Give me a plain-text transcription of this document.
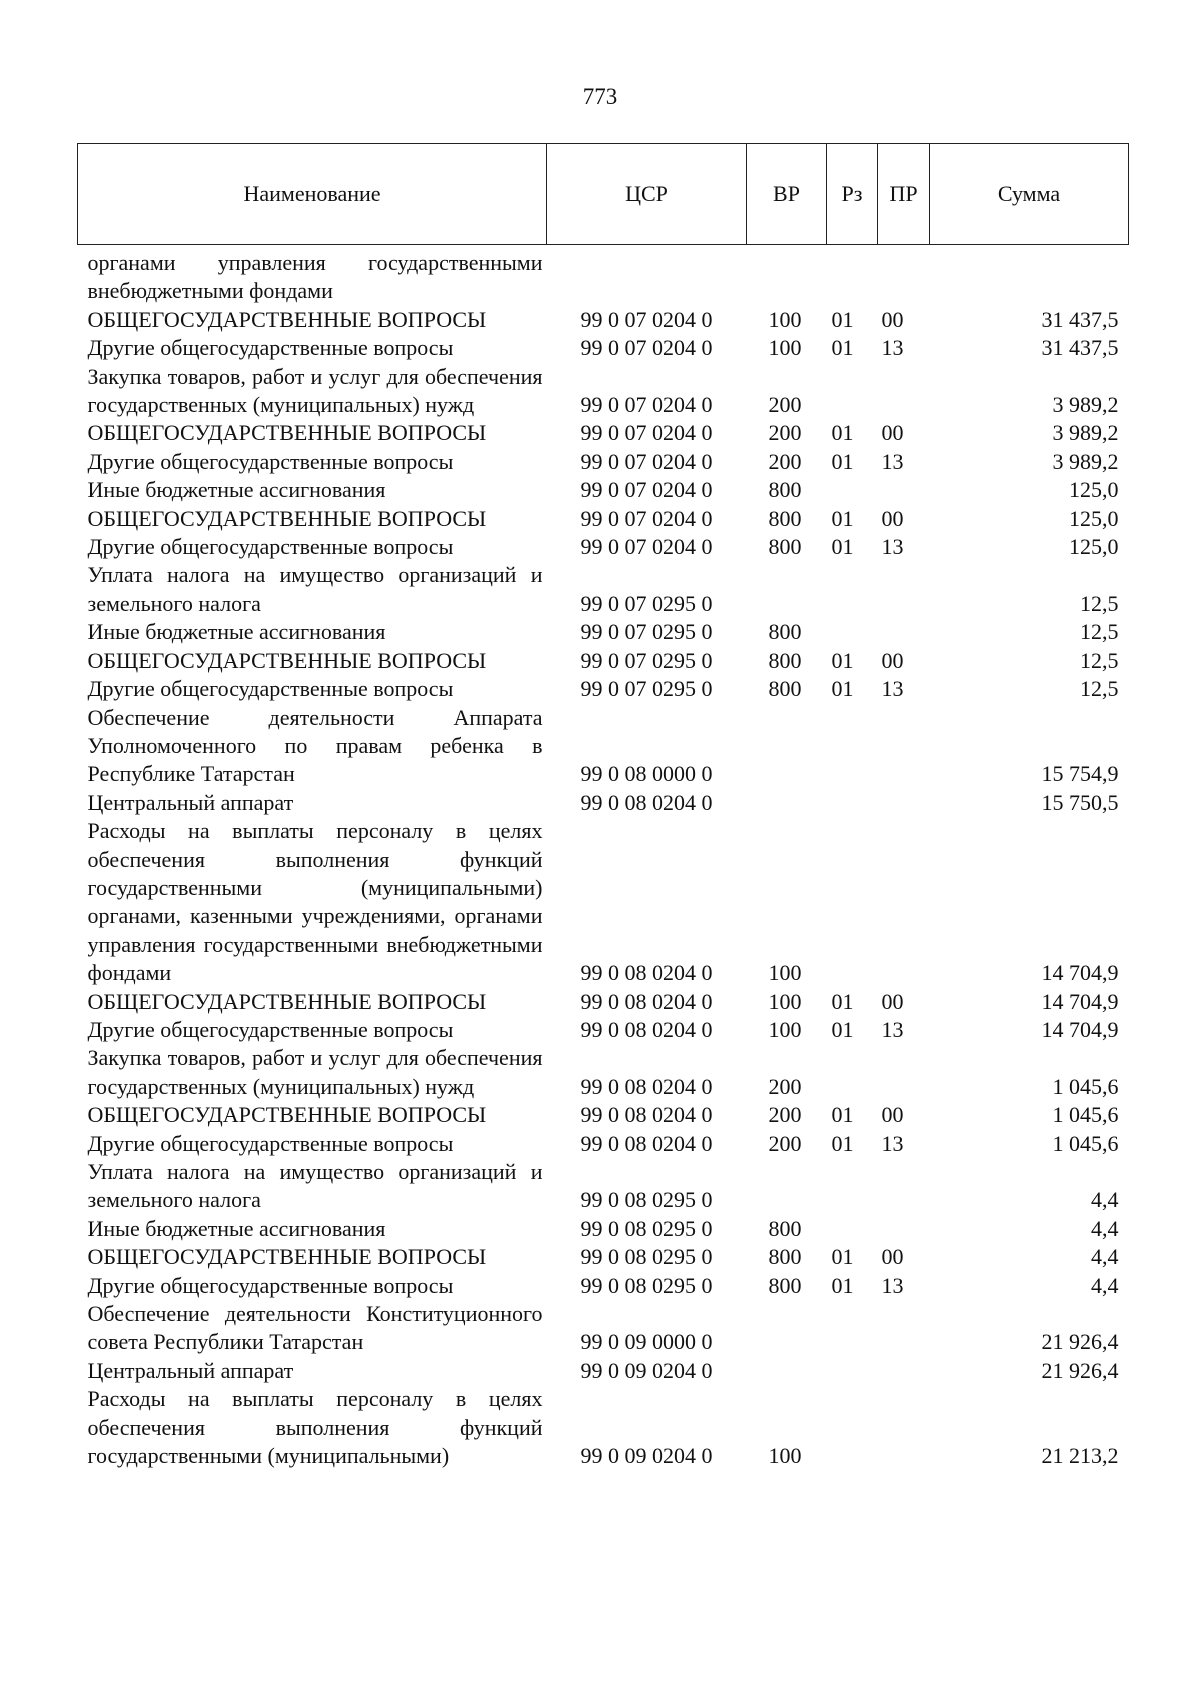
773
Наименование	ЦСР	ВР	Рз	ПР	Сумма
органами управления государственными внебюджетными фондами					
ОБЩЕГОСУДАРСТВЕННЫЕ ВОПРОСЫ	99 0 07 0204 0	100	01	00	31 437,5
Другие общегосударственные вопросы	99 0 07 0204 0	100	01	13	31 437,5
Закупка товаров, работ и услуг для обеспечения государственных (муниципальных) нужд	99 0 07 0204 0	200			3 989,2
ОБЩЕГОСУДАРСТВЕННЫЕ ВОПРОСЫ	99 0 07 0204 0	200	01	00	3 989,2
Другие общегосударственные вопросы	99 0 07 0204 0	200	01	13	3 989,2
Иные бюджетные ассигнования	99 0 07 0204 0	800			125,0
ОБЩЕГОСУДАРСТВЕННЫЕ ВОПРОСЫ	99 0 07 0204 0	800	01	00	125,0
Другие общегосударственные вопросы	99 0 07 0204 0	800	01	13	125,0
Уплата налога на имущество организаций и земельного налога	99 0 07 0295 0				12,5
Иные бюджетные ассигнования	99 0 07 0295 0	800			12,5
ОБЩЕГОСУДАРСТВЕННЫЕ ВОПРОСЫ	99 0 07 0295 0	800	01	00	12,5
Другие общегосударственные вопросы	99 0 07 0295 0	800	01	13	12,5
Обеспечение деятельности Аппарата Уполномоченного по правам ребенка в Республике Татарстан	99 0 08 0000 0				15 754,9
Центральный аппарат	99 0 08 0204 0				15 750,5
Расходы на выплаты персоналу в целях обеспечения выполнения функций государственными (муниципальными) органами, казенными учреждениями, органами управления государственными внебюджетными фондами	99 0 08 0204 0	100			14 704,9
ОБЩЕГОСУДАРСТВЕННЫЕ ВОПРОСЫ	99 0 08 0204 0	100	01	00	14 704,9
Другие общегосударственные вопросы	99 0 08 0204 0	100	01	13	14 704,9
Закупка товаров, работ и услуг для обеспечения государственных (муниципальных) нужд	99 0 08 0204 0	200			1 045,6
ОБЩЕГОСУДАРСТВЕННЫЕ ВОПРОСЫ	99 0 08 0204 0	200	01	00	1 045,6
Другие общегосударственные вопросы	99 0 08 0204 0	200	01	13	1 045,6
Уплата налога на имущество организаций и земельного налога	99 0 08 0295 0				4,4
Иные бюджетные ассигнования	99 0 08 0295 0	800			4,4
ОБЩЕГОСУДАРСТВЕННЫЕ ВОПРОСЫ	99 0 08 0295 0	800	01	00	4,4
Другие общегосударственные вопросы	99 0 08 0295 0	800	01	13	4,4
Обеспечение деятельности Конституционного совета Республики Татарстан	99 0 09 0000 0				21 926,4
Центральный аппарат	99 0 09 0204 0				21 926,4
Расходы на выплаты персоналу в целях обеспечения выполнения функций государственными (муниципальными)	99 0 09 0204 0	100			21 213,2
